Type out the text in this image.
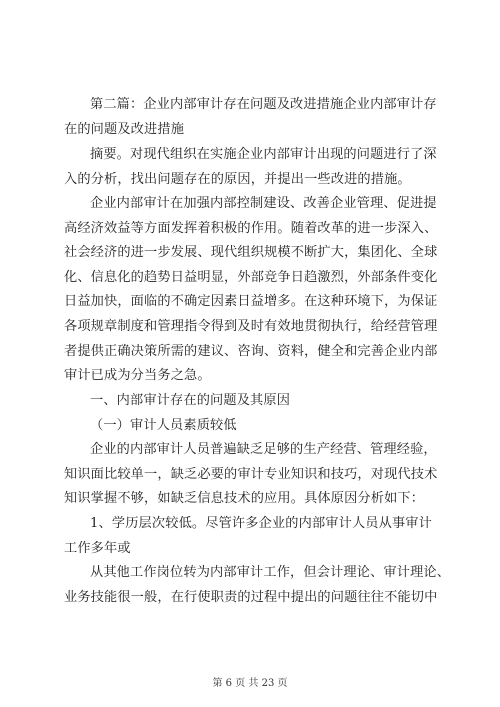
第二篇：企业内部审计存在问题及改进措施企业内部审计存
在的问题及改进措施
摘要。对现代组织在实施企业内部审计出现的问题进行了深
入的分析，找出问题存在的原因，并提出一些改进的措施。
企业内部审计在加强内部控制建设、改善企业管理、促进提
高经济效益等方面发挥着积极的作用。随着改革的进一步深入、
社会经济的进一步发展、现代组织规模不断扩大，集团化、全球
化、信息化的趋势日益明显，外部竞争日趋激烈，外部条件变化
日益加快，面临的不确定因素日益增多。在这种环境下，为保证
各项规章制度和管理指令得到及时有效地贯彻执行，给经营管理
者提供正确决策所需的建议、咨询、资料，健全和完善企业内部
审计已成为分当务之急。
一、内部审计存在的问题及其原因
（一）审计人员素质较低
企业的内部审计人员普遍缺乏足够的生产经营、管理经验，
知识面比较单一，缺乏必要的审计专业知识和技巧，对现代技术
知识掌握不够，如缺乏信息技术的应用。具体原因分析如下：
1、学历层次较低。尽管许多企业的内部审计人员从事审计
工作多年或
从其他工作岗位转为内部审计工作，但会计理论、审计理论、
业务技能很一般，在行使职责的过程中提出的问题往往不能切中
第 6 页 共 23 页
